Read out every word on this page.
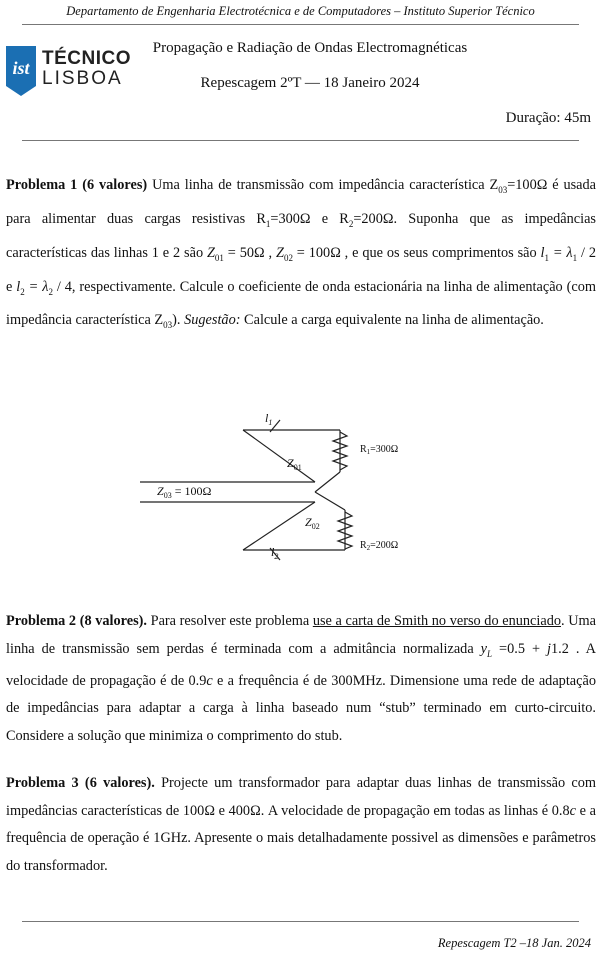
Departamento de Engenharia Electrotécnica e de Computadores – Instituto Superior Técnico
ist TÉCNICO
LISBOA
Propagação e Radiação de Ondas Electromagnéticas
Repescagem 2ºT — 18 Janeiro 2024
Duração: 45m
Problema 1 (6 valores) Uma linha de transmissão com impedância característica $Z_{03}=100\Omega$ é usada para alimentar duas cargas resistivas $R_1=300\Omega$ e $R_2=200\Omega$. Suponha que as impedâncias características das linhas 1 e 2 são $Z_{01} = 50\Omega$ , $Z_{02} = 100\Omega$ , e que os seus comprimentos são $l_1 = \lambda_1 / 2$ e $l_2 = \lambda_2 / 4$, respectivamente. Calcule o coeficiente de onda estacionária na linha de alimentação (com impedância característica $Z_{03}$). Sugestão: Calcule a carga equivalente na linha de alimentação.
$l_1$
$Z_{01}$
$Z_{03} = 100\Omega$
$Z_{02}$
$l_2$
$R_1=300\Omega$
$R_2=200\Omega$
Problema 2 (8 valores). Para resolver este problema use a carta de Smith no verso do enunciado. Uma linha de transmissão sem perdas é terminada com a admitância normalizada $y_L =0.5 + j1.2$ . A velocidade de propagação é de 0.9c e a frequência é de 300MHz. Dimensione uma rede de adaptação de impedâncias para adaptar a carga à linha baseado num “stub” terminado em curto-circuito. Considere a solução que minimiza o comprimento do stub.
Problema 3 (6 valores). Projecte um transformador para adaptar duas linhas de transmissão com impedâncias características de 100Ω e 400Ω. A velocidade de propagação em todas as linhas é 0.8c e a frequência de operação é 1GHz. Apresente o mais detalhadamente possivel as dimensões e parâmetros do transformador.
Repescagem T2 –18 Jan. 2024
